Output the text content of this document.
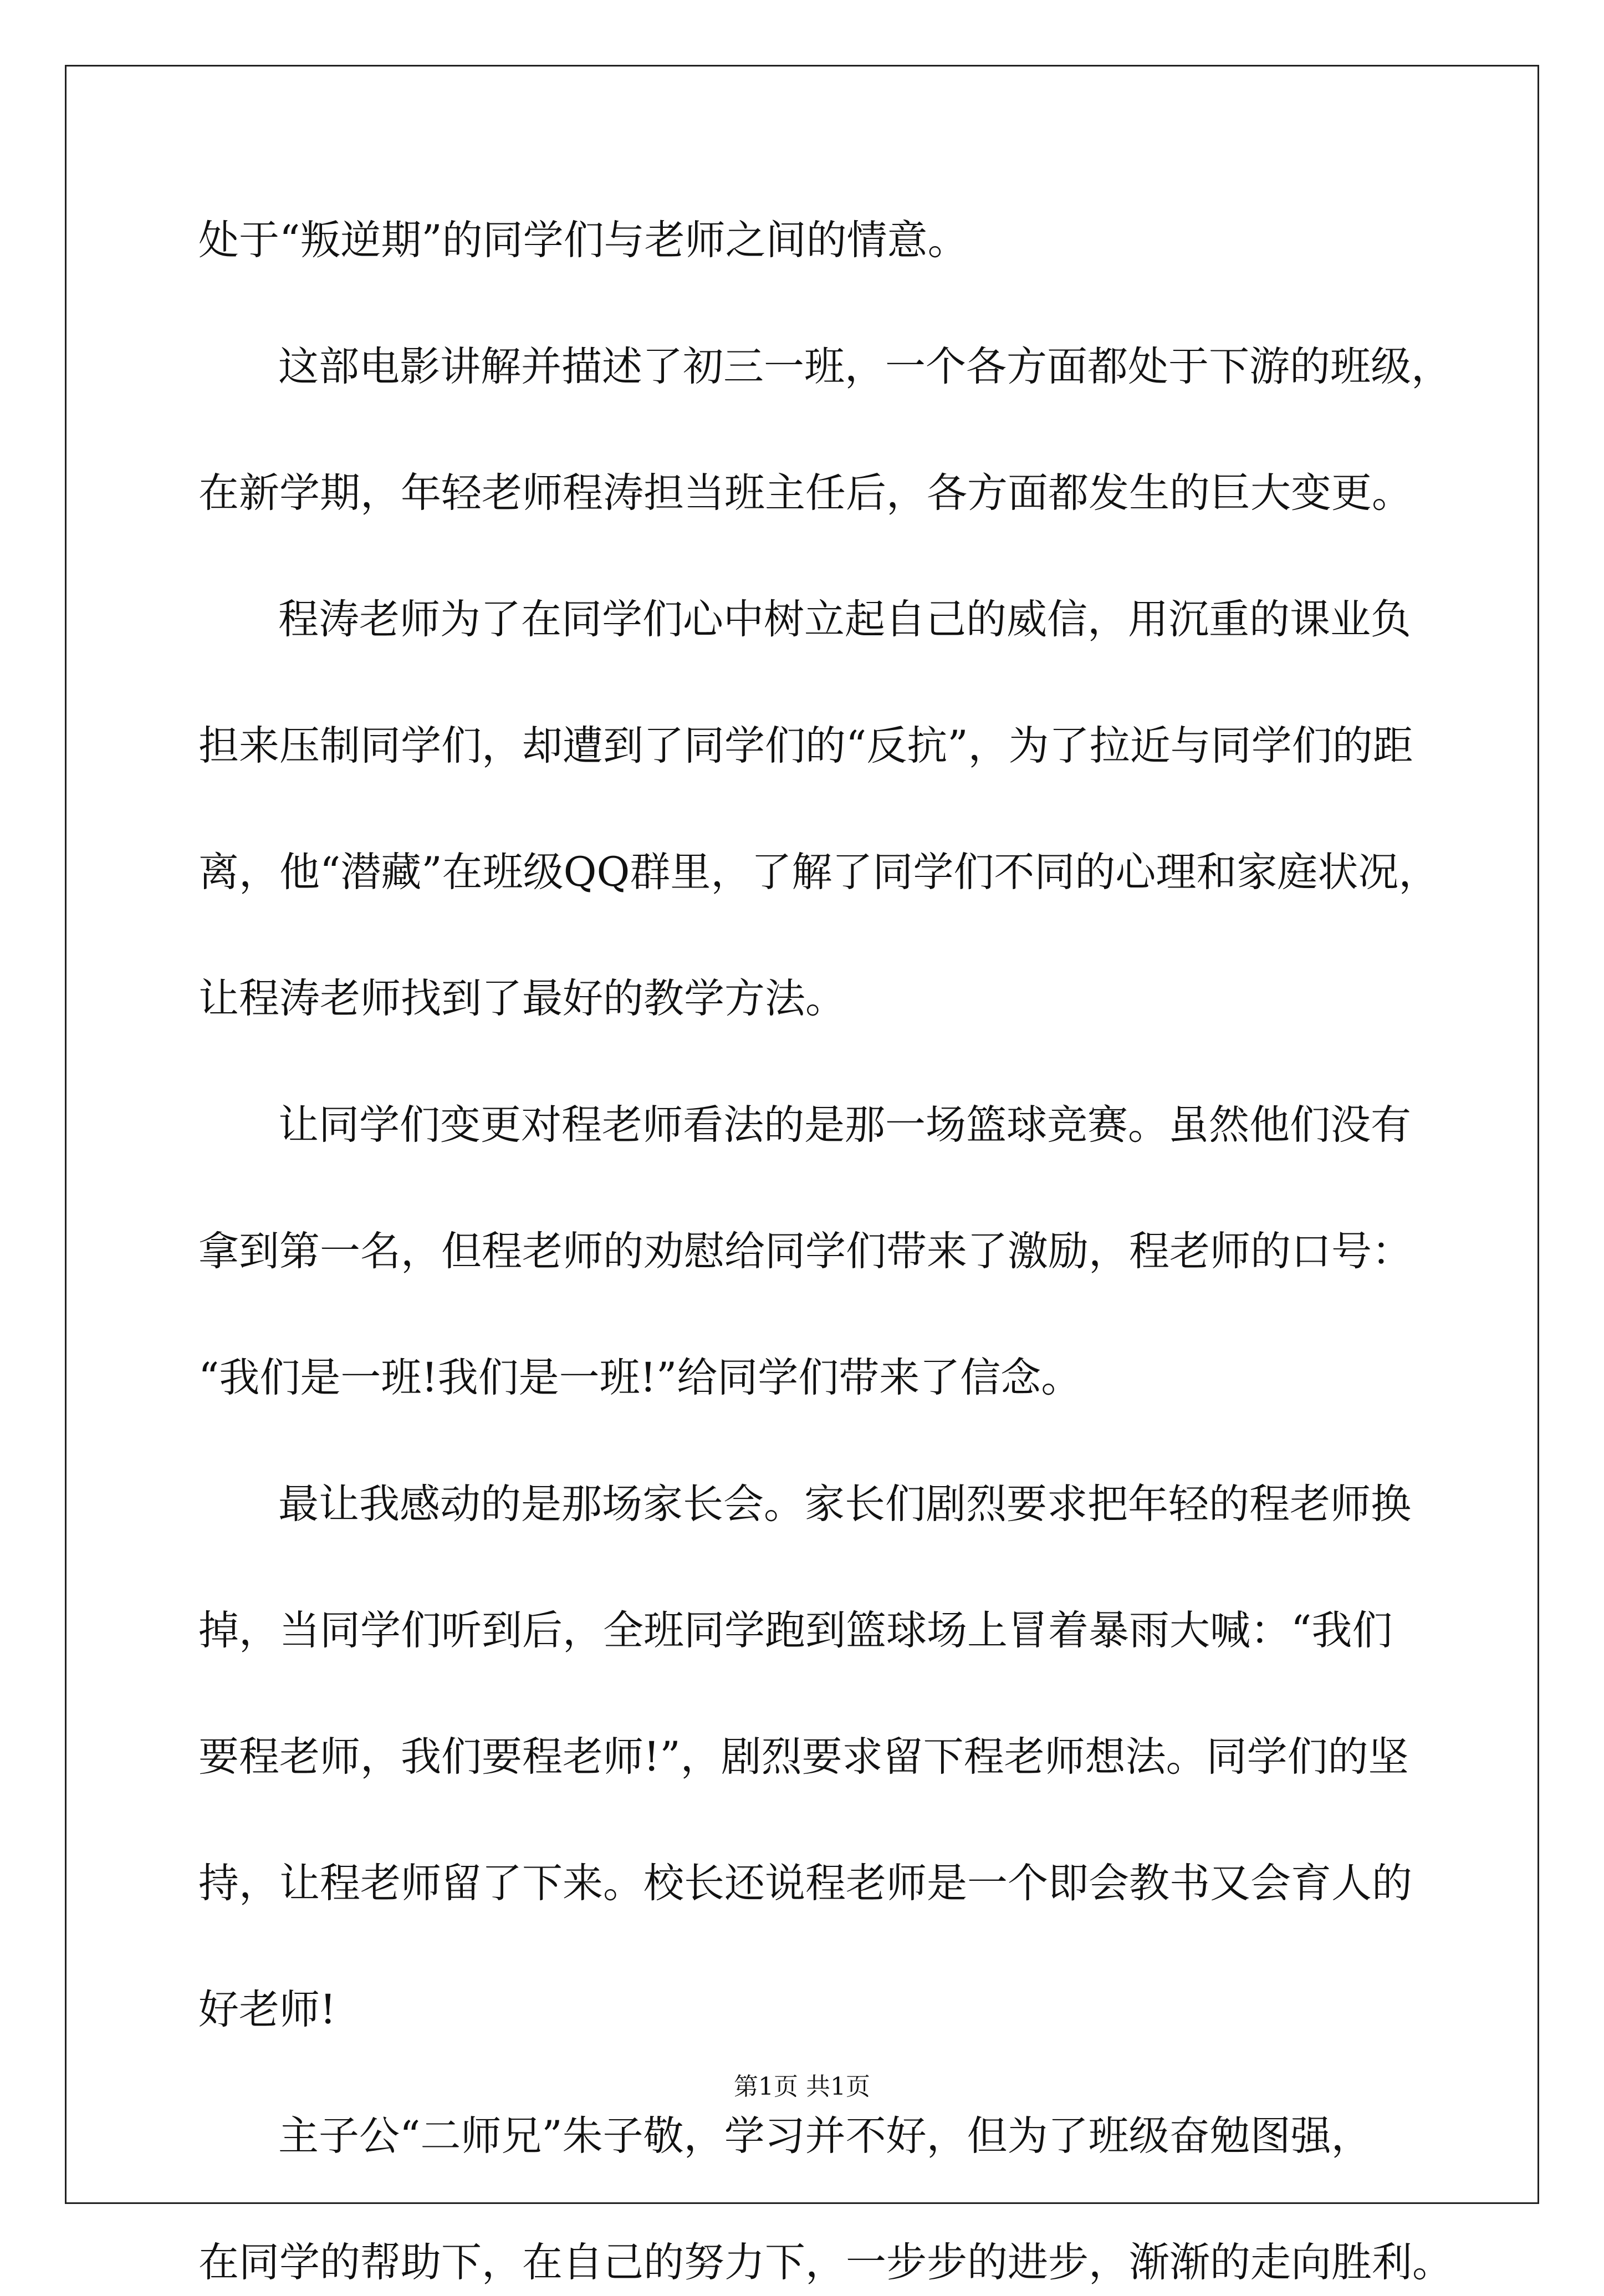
处于“叛逆期”的同学们与老师之间的情意。
这部电影讲解并描述了初三一班，一个各方面都处于下游的班级，
在新学期，年轻老师程涛担当班主任后，各方面都发生的巨大变更。
程涛老师为了在同学们心中树立起自己的威信，用沉重的课业负
担来压制同学们，却遭到了同学们的“反抗”，为了拉近与同学们的距
离，他“潜藏”在班级QQ群里，了解了同学们不同的心理和家庭状况，
让程涛老师找到了最好的教学方法。
让同学们变更对程老师看法的是那一场篮球竞赛。虽然他们没有
拿到第一名，但程老师的劝慰给同学们带来了激励，程老师的口号：
“我们是一班!我们是一班!”给同学们带来了信念。
最让我感动的是那场家长会。家长们剧烈要求把年轻的程老师换
掉，当同学们听到后，全班同学跑到篮球场上冒着暴雨大喊：“我们
要程老师，我们要程老师!”，剧烈要求留下程老师想法。同学们的坚
持，让程老师留了下来。校长还说程老师是一个即会教书又会育人的
好老师!
主子公“二师兄”朱子敬，学习并不好，但为了班级奋勉图强，
在同学的帮助下，在自己的努力下，一步步的进步，渐渐的走向胜利。
第1页 共1页
